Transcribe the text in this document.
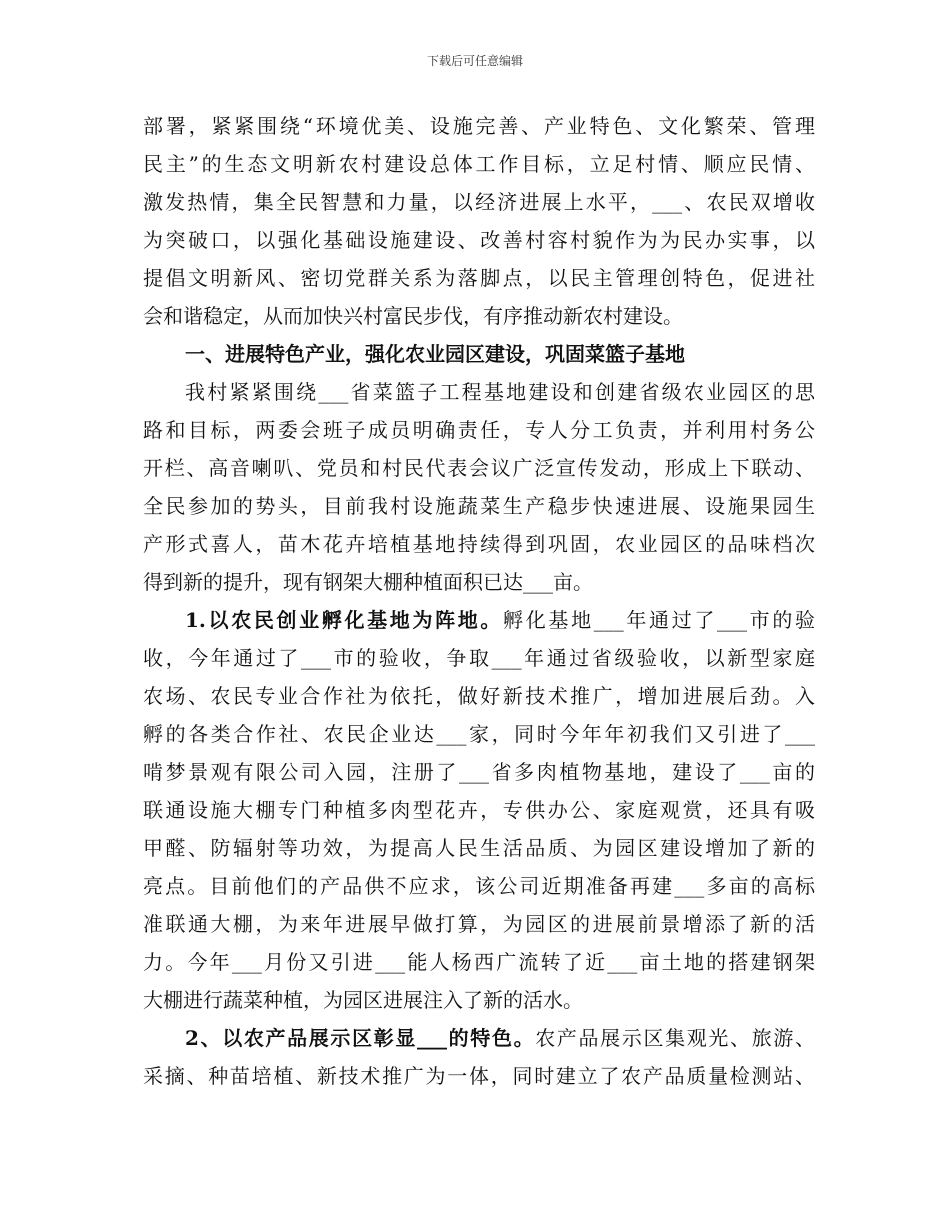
下载后可任意编辑
部署，紧紧围绕“环境优美、设施完善、产业特色、文化繁荣、管理
民主”的生态文明新农村建设总体工作目标，立足村情、顺应民情、
激发热情，集全民智慧和力量，以经济进展上水平，___、农民双增收
为突破口，以强化基础设施建设、改善村容村貌作为为民办实事，以
提倡文明新风、密切党群关系为落脚点，以民主管理创特色，促进社
会和谐稳定，从而加快兴村富民步伐，有序推动新农村建设。
一、进展特色产业，强化农业园区建设，巩固菜篮子基地
我村紧紧围绕___省菜篮子工程基地建设和创建省级农业园区的思
路和目标，两委会班子成员明确责任，专人分工负责，并利用村务公
开栏、高音喇叭、党员和村民代表会议广泛宣传发动，形成上下联动、
全民参加的势头，目前我村设施蔬菜生产稳步快速进展、设施果园生
产形式喜人，苗木花卉培植基地持续得到巩固，农业园区的品味档次
得到新的提升，现有钢架大棚种植面积已达___亩。
1.以农民创业孵化基地为阵地。孵化基地___年通过了___市的验
收，今年通过了___市的验收，争取___年通过省级验收，以新型家庭
农场、农民专业合作社为依托，做好新技术推广，增加进展后劲。入
孵的各类合作社、农民企业达___家，同时今年年初我们又引进了___
啃梦景观有限公司入园，注册了___省多肉植物基地，建设了___亩的
联通设施大棚专门种植多肉型花卉，专供办公、家庭观赏，还具有吸
甲醛、防辐射等功效，为提高人民生活品质、为园区建设增加了新的
亮点。目前他们的产品供不应求，该公司近期准备再建___多亩的高标
准联通大棚，为来年进展早做打算，为园区的进展前景增添了新的活
力。今年___月份又引进___能人杨西广流转了近___亩土地的搭建钢架
大棚进行蔬菜种植，为园区进展注入了新的活水。
2、以农产品展示区彰显___的特色。农产品展示区集观光、旅游、
采摘、种苗培植、新技术推广为一体，同时建立了农产品质量检测站、
